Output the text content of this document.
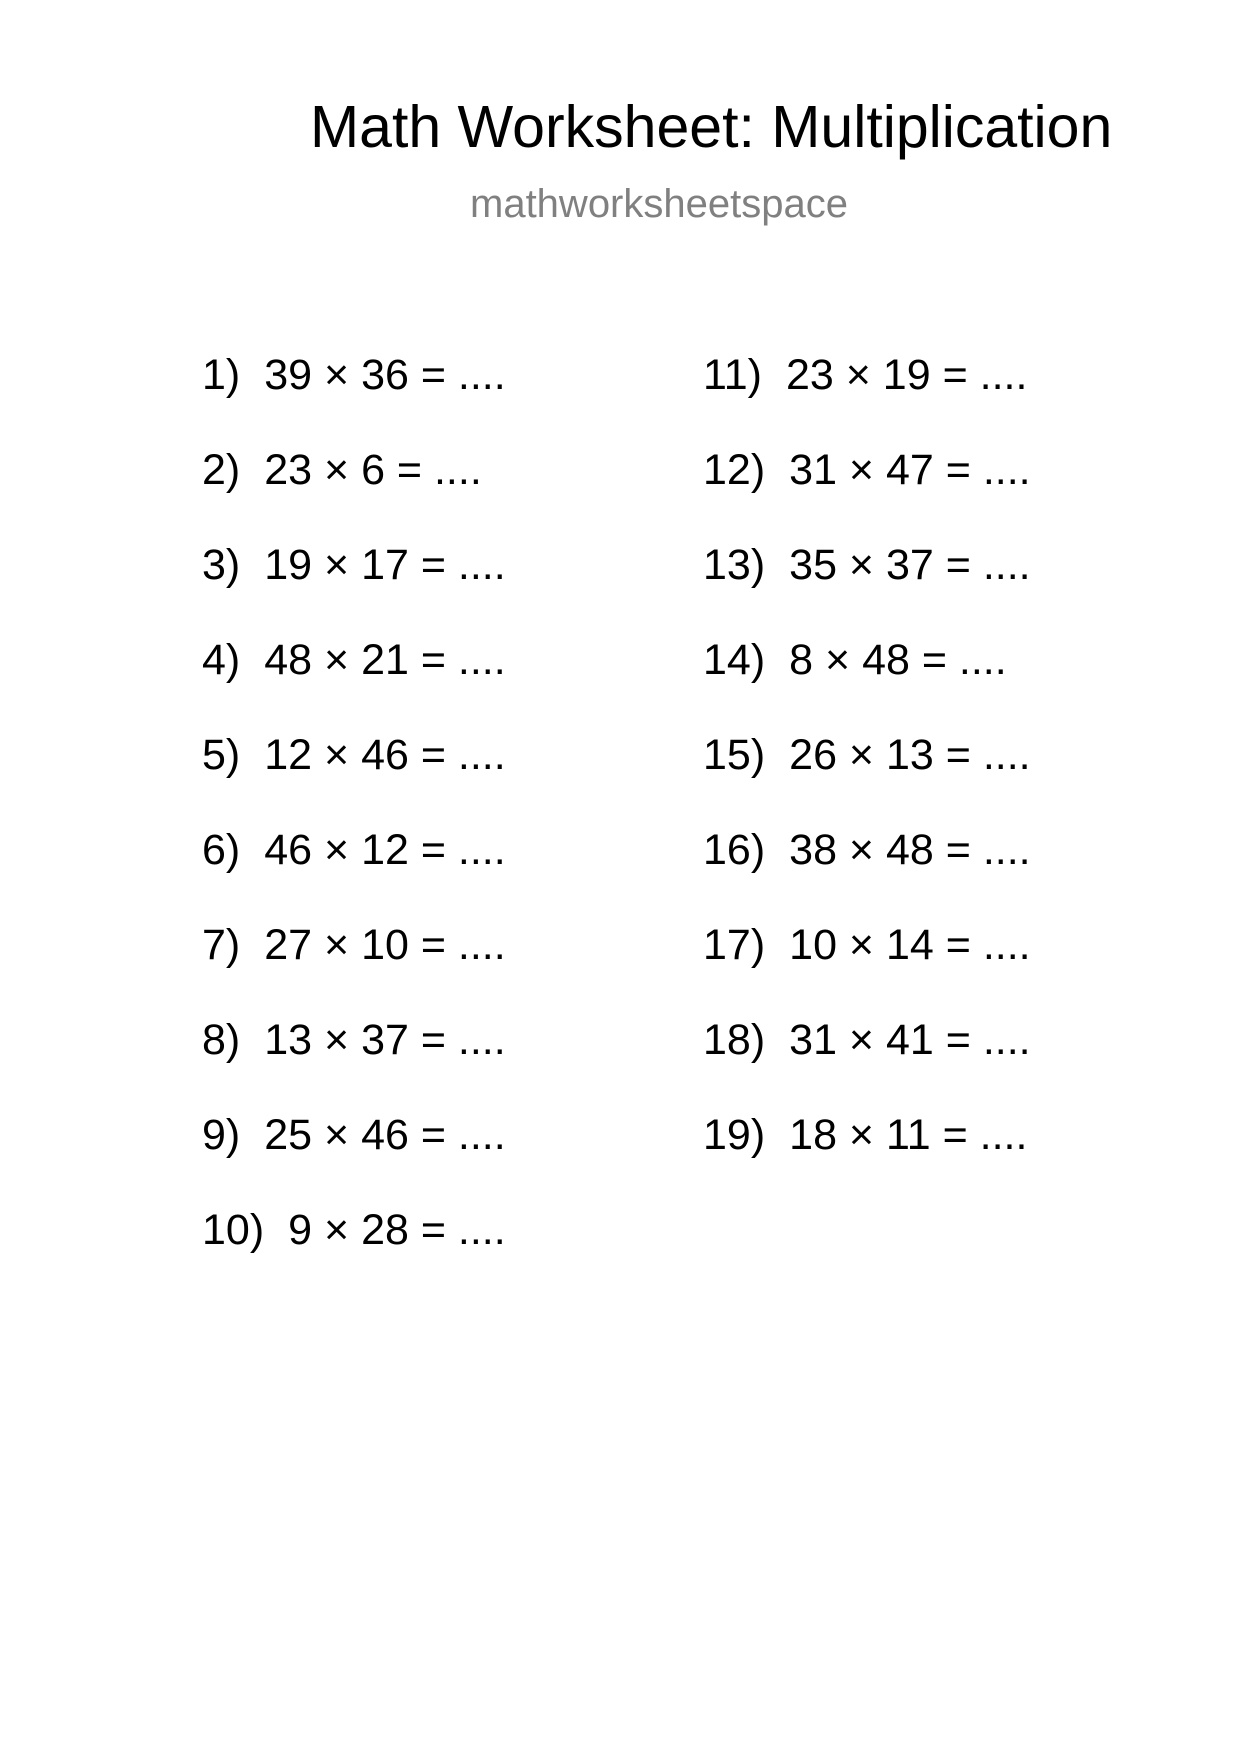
Math Worksheet: Multiplication
mathworksheetspace
1) 39 × 36 = ....
2) 23 × 6 = ....
3) 19 × 17 = ....
4) 48 × 21 = ....
5) 12 × 46 = ....
6) 46 × 12 = ....
7) 27 × 10 = ....
8) 13 × 37 = ....
9) 25 × 46 = ....
10) 9 × 28 = ....
11) 23 × 19 = ....
12) 31 × 47 = ....
13) 35 × 37 = ....
14) 8 × 48 = ....
15) 26 × 13 = ....
16) 38 × 48 = ....
17) 10 × 14 = ....
18) 31 × 41 = ....
19) 18 × 11 = ....
